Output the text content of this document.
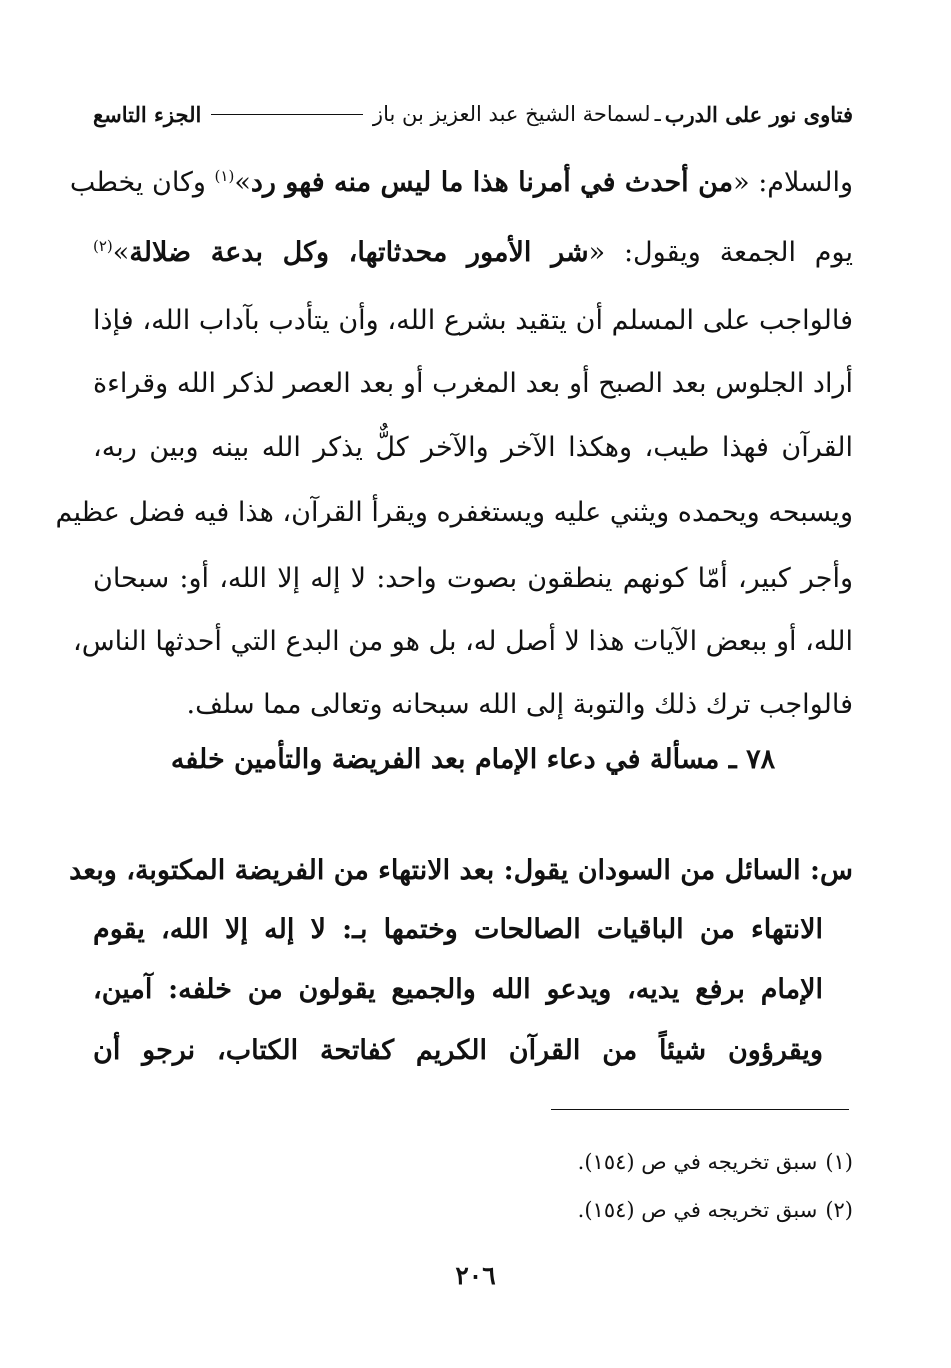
فتاوى نور على الدرب
ـ
لسماحة الشيخ عبد العزيز بن باز
الجزء التاسع
والسلام: «من أحدث في أمرنا هذا ما ليس منه فهو رد»$^{(١)}$ وكان يخطب
يوم الجمعة ويقول: «شر الأمور محدثاتها، وكل بدعة ضلالة»$^{(٢)}$
فالواجب على المسلم أن يتقيد بشرع الله، وأن يتأدب بآداب الله، فإذا
أراد الجلوس بعد الصبح أو بعد المغرب أو بعد العصر لذكر الله وقراءة
القرآن فهذا طيب، وهكذا الآخر والآخر كلٌّ يذكر الله بينه وبين ربه،
ويسبحه ويحمده ويثني عليه ويستغفره ويقرأ القرآن، هذا فيه فضل عظيم
وأجر كبير، أمّا كونهم ينطقون بصوت واحد: لا إله إلا الله، أو: سبحان
الله، أو ببعض الآيات هذا لا أصل له، بل هو من البدع التي أحدثها الناس،
فالواجب ترك ذلك والتوبة إلى الله سبحانه وتعالى مما سلف.
٧٨ ـ مسألة في دعاء الإمام بعد الفريضة والتأمين خلفه
س: السائل من السودان يقول: بعد الانتهاء من الفريضة المكتوبة، وبعد
الانتهاء من الباقيات الصالحات وختمها بـ: لا إله إلا الله، يقوم
الإمام برفع يديه، ويدعو الله والجميع يقولون من خلفه: آمين،
ويقرؤون شيئاً من القرآن الكريم كفاتحة الكتاب، نرجو أن
(١)سبق تخريجه في ص (١٥٤).
(٢)سبق تخريجه في ص (١٥٤).
٢٠٦
